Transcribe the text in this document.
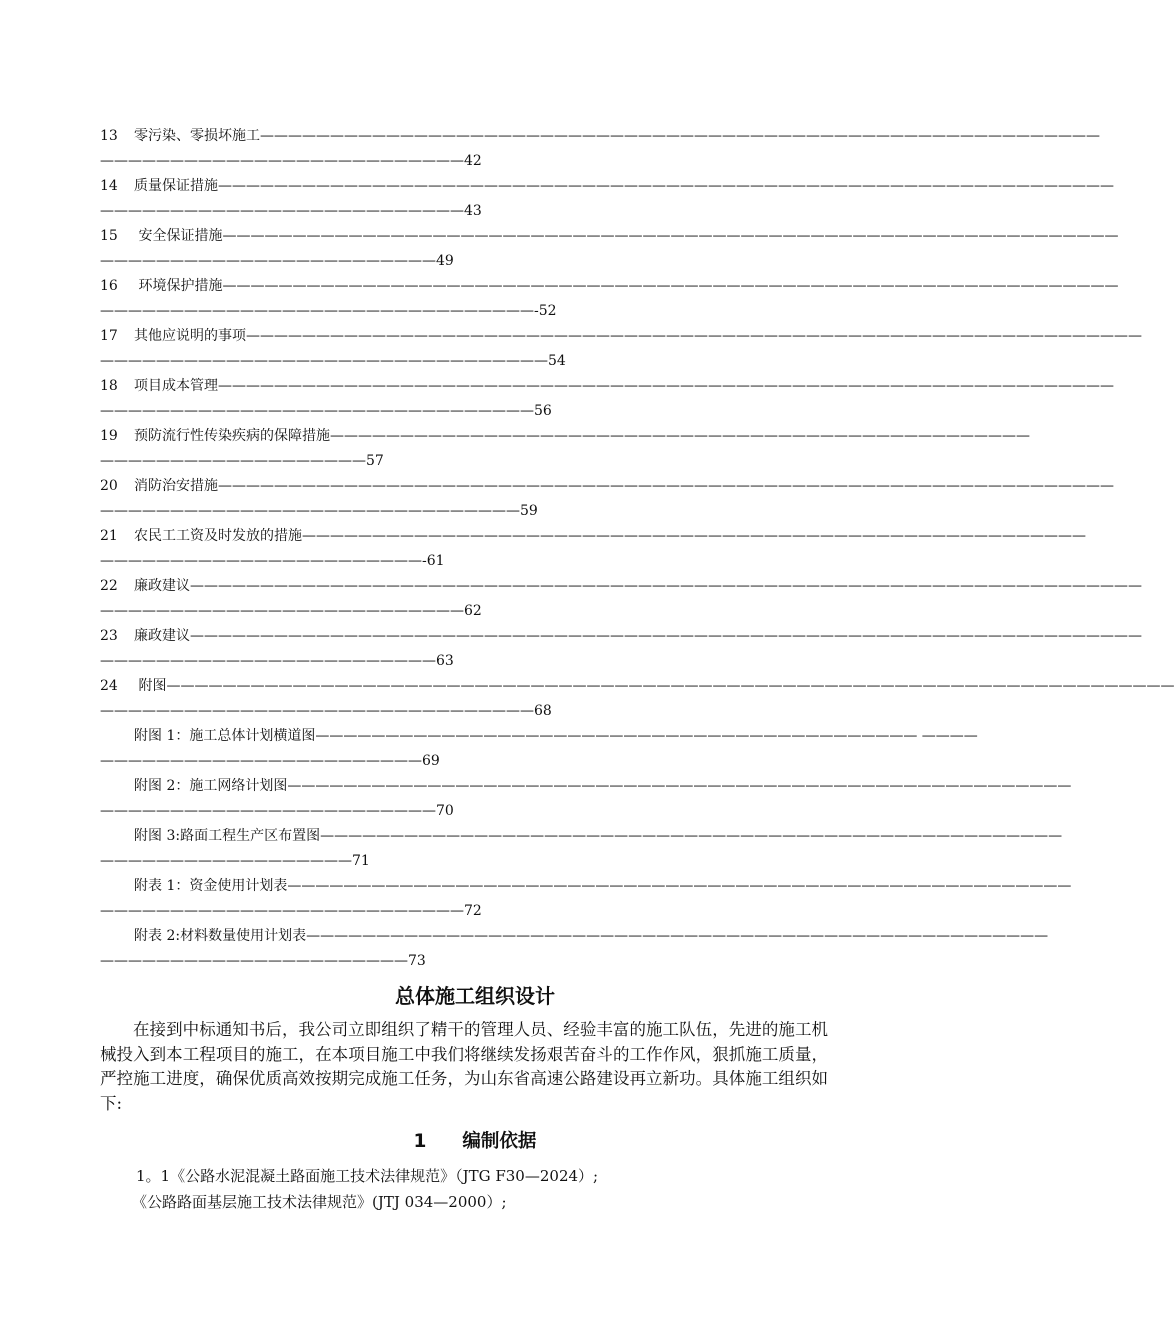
13 零污染、零损坏施工————————————————————————————————————————————————————————————
——————————————————————————42
14 质量保证措施————————————————————————————————————————————————————————————————
——————————————————————————43
15 安全保证措施————————————————————————————————————————————————————————————————
————————————————————————49
16 环境保护措施————————————————————————————————————————————————————————————————
———————————————————————————————-52
17 其他应说明的事项————————————————————————————————————————————————————————————————
————————————————————————————————54
18 项目成本管理————————————————————————————————————————————————————————————————
———————————————————————————————56
19 预防流行性传染疾病的保障措施——————————————————————————————————————————————————
———————————————————57
20 消防治安措施————————————————————————————————————————————————————————————————
——————————————————————————————59
21 农民工工资及时发放的措施————————————————————————————————————————————————————————
———————————————————————-61
22 廉政建议————————————————————————————————————————————————————————————————————
——————————————————————————62
23 廉政建议————————————————————————————————————————————————————————————————————
————————————————————————63
24 附图————————————————————————————————————————————————————————————————————————
———————————————————————————————68
附图 1：施工总体计划横道图——————————————————————————————————————————— ————
———————————————————————69
附图 2：施工网络计划图————————————————————————————————————————————————————————
————————————————————————70
附图 3:路面工程生产区布置图—————————————————————————————————————————————————————
——————————————————71
附表 1：资金使用计划表————————————————————————————————————————————————————————
——————————————————————————72
附表 2:材料数量使用计划表—————————————————————————————————————————————————————
——————————————————————73
总体施工组织设计
在接到中标通知书后，我公司立即组织了精干的管理人员、经验丰富的施工队伍，先进的施工机械投入到本工程项目的施工，在本项目施工中我们将继续发扬艰苦奋斗的工作作风，狠抓施工质量，严控施工进度，确保优质高效按期完成施工任务，为山东省高速公路建设再立新功。具体施工组织如下:
1 编制依据
1。1《公路水泥混凝土路面施工技术法律规范》（JTG F30—2024）;
《公路路面基层施工技术法律规范》(JTJ 034—2000）;
